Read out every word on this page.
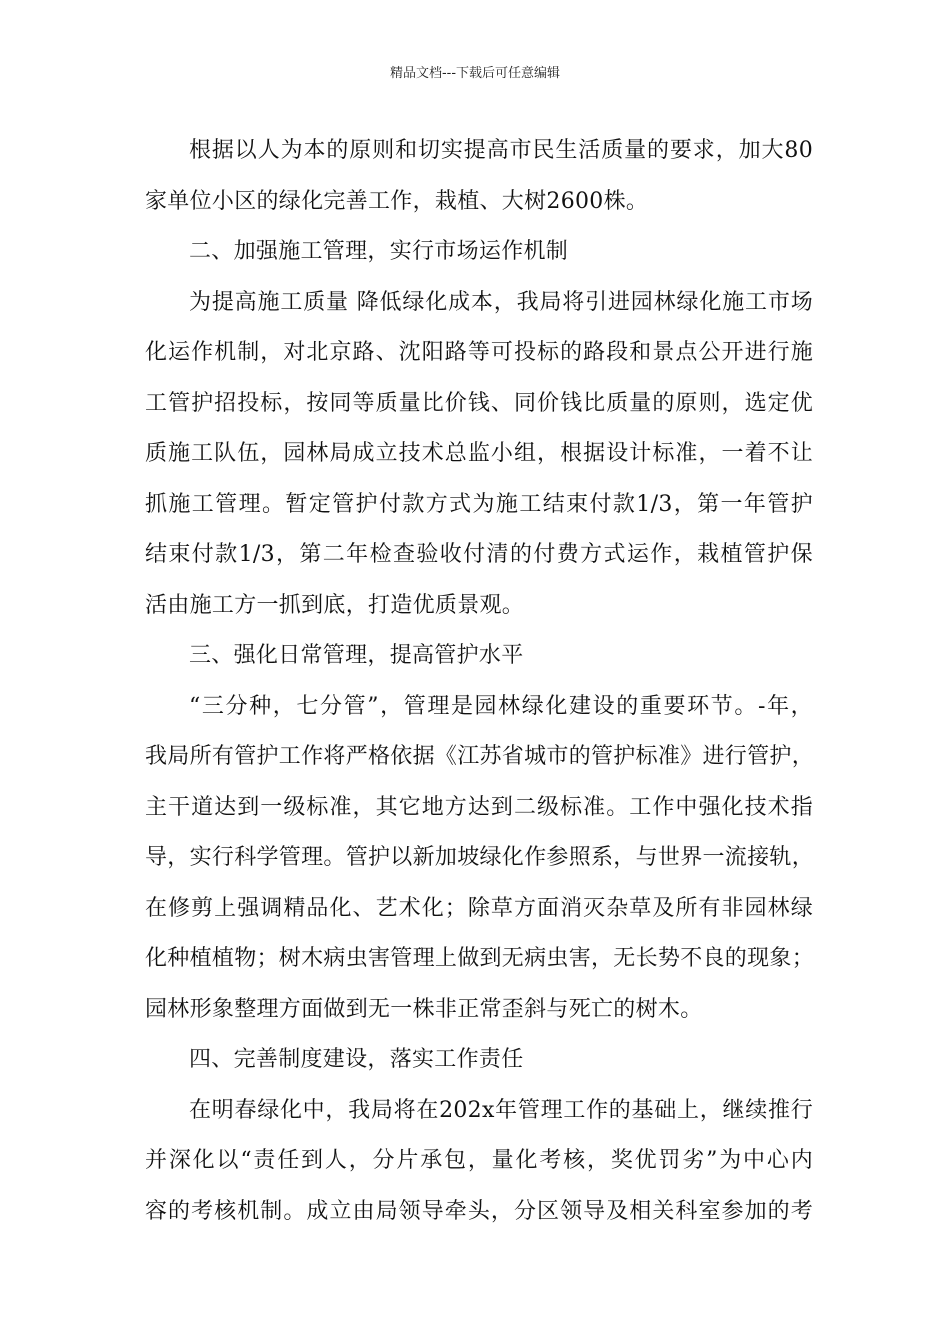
精品文档---下载后可任意编辑
根据以人为本的原则和切实提高市民生活质量的要求，加大80
家单位小区的绿化完善工作，栽植、大树2600株。
二、加强施工管理，实行市场运作机制
为提高施工质量 降低绿化成本，我局将引进园林绿化施工市场
化运作机制，对北京路、沈阳路等可投标的路段和景点公开进行施
工管护招投标，按同等质量比价钱、同价钱比质量的原则，选定优
质施工队伍，园林局成立技术总监小组，根据设计标准，一着不让
抓施工管理。暂定管护付款方式为施工结束付款1/3，第一年管护
结束付款1/3，第二年检查验收付清的付费方式运作，栽植管护保
活由施工方一抓到底，打造优质景观。
三、强化日常管理，提高管护水平
“三分种，七分管”，管理是园林绿化建设的重要环节。-年，
我局所有管护工作将严格依据《江苏省城市的管护标准》进行管护，
主干道达到一级标准，其它地方达到二级标准。工作中强化技术指
导，实行科学管理。管护以新加坡绿化作参照系，与世界一流接轨，
在修剪上强调精品化、艺术化；除草方面消灭杂草及所有非园林绿
化种植植物；树木病虫害管理上做到无病虫害，无长势不良的现象；
园林形象整理方面做到无一株非正常歪斜与死亡的树木。
四、完善制度建设，落实工作责任
在明春绿化中，我局将在202x年管理工作的基础上，继续推行
并深化以“责任到人，分片承包，量化考核，奖优罚劣”为中心内
容的考核机制。成立由局领导牵头，分区领导及相关科室参加的考
